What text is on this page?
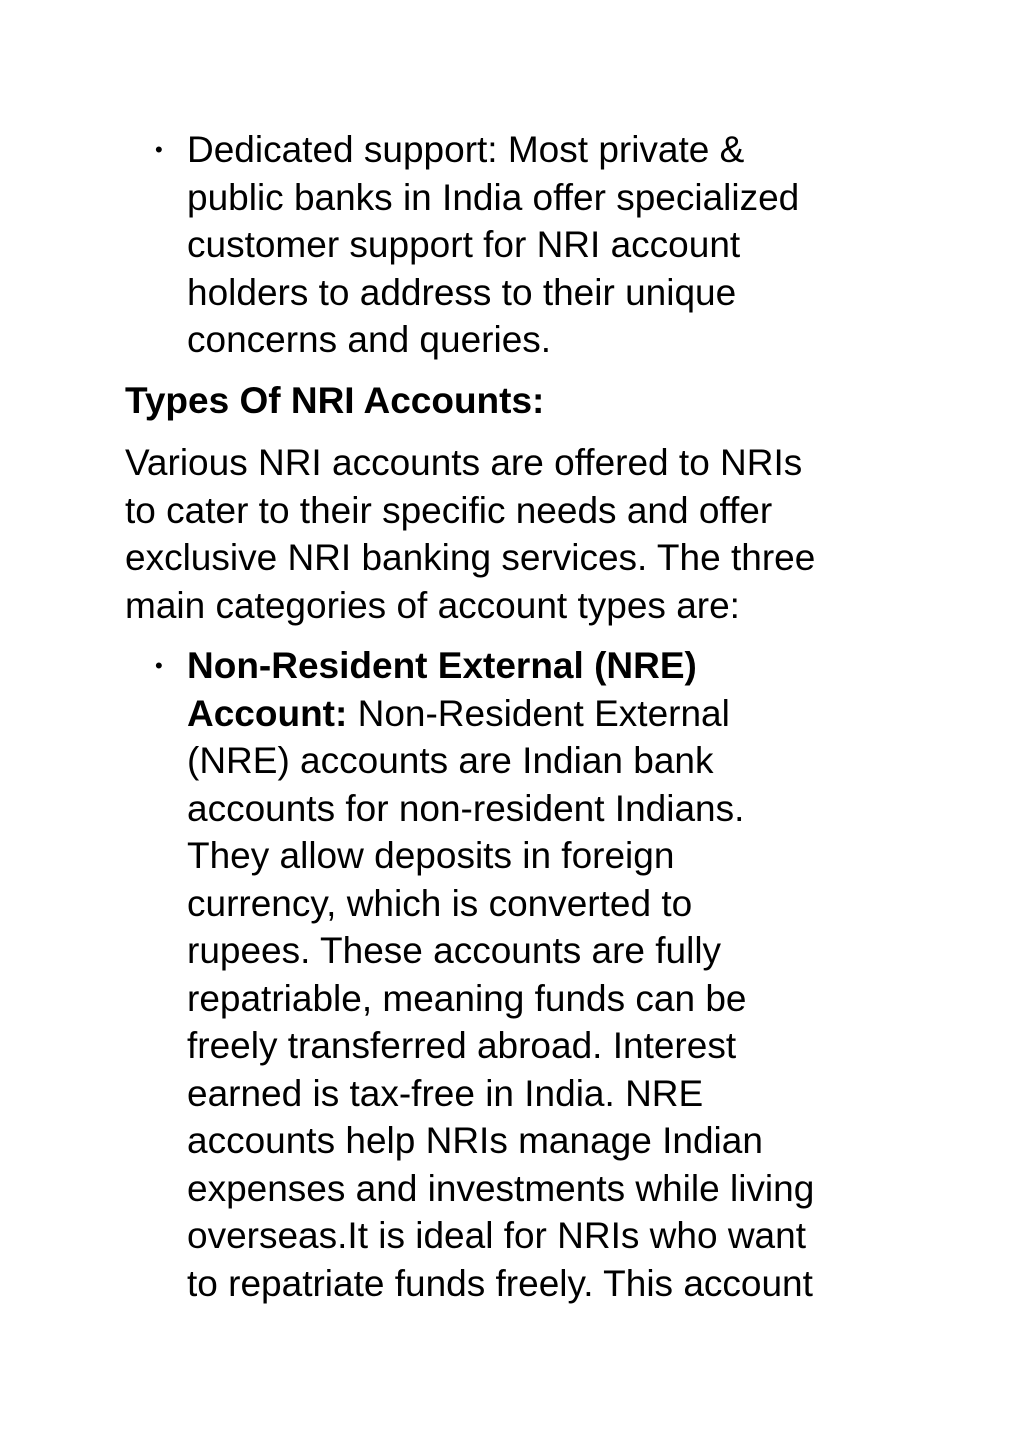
• Dedicated support: Most private &
public banks in India offer specialized
customer support for NRI account
holders to address to their unique
concerns and queries.
Types Of NRI Accounts:
Various NRI accounts are offered to NRIs
to cater to their specific needs and offer
exclusive NRI banking services. The three
main categories of account types are:
• Non-Resident External (NRE)
Account: Non-Resident External
(NRE) accounts are Indian bank
accounts for non-resident Indians.
They allow deposits in foreign
currency, which is converted to
rupees. These accounts are fully
repatriable, meaning funds can be
freely transferred abroad. Interest
earned is tax-free in India. NRE
accounts help NRIs manage Indian
expenses and investments while living
overseas.It is ideal for NRIs who want
to repatriate funds freely. This account
